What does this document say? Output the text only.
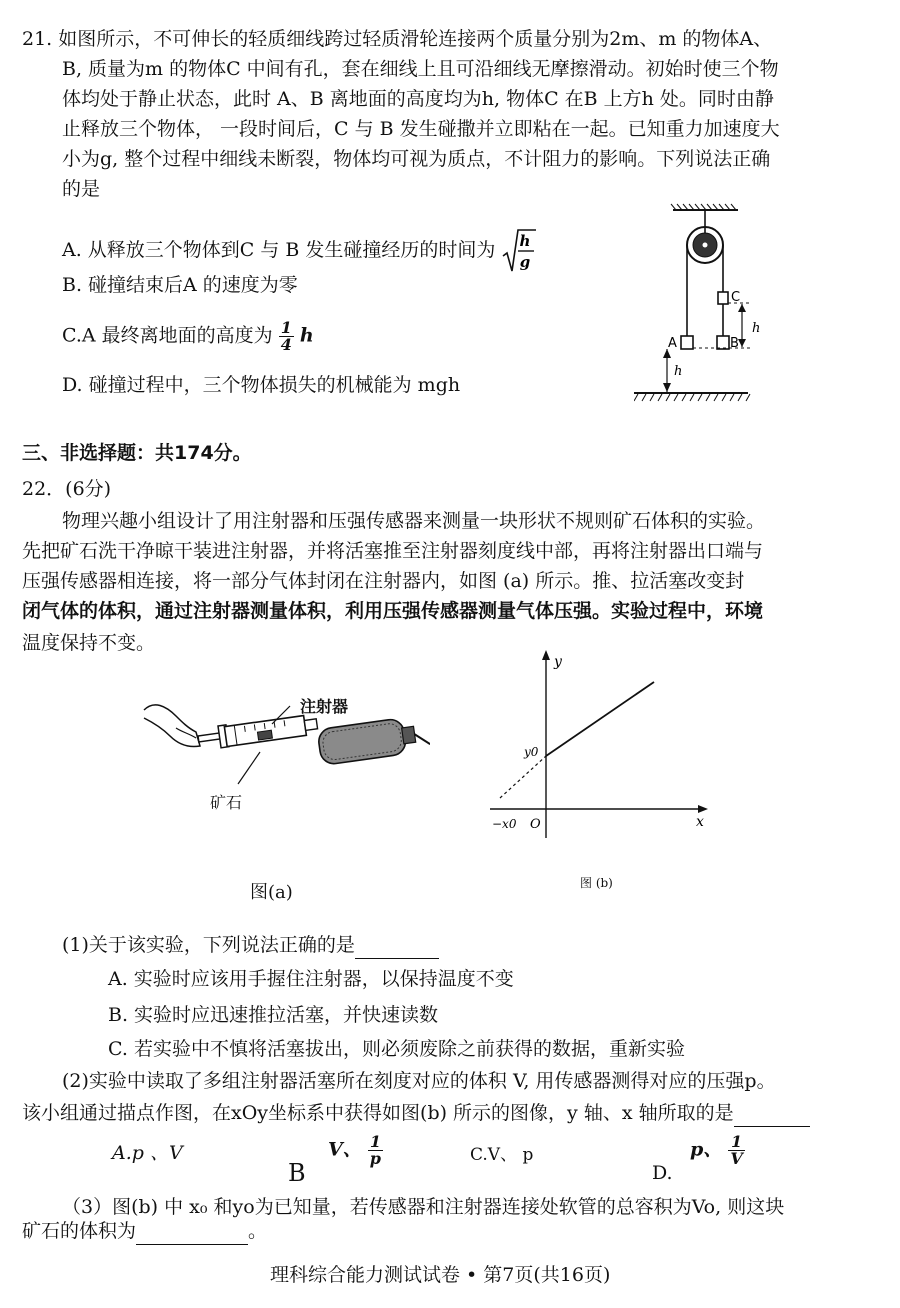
21. 如图所示，不可伸长的轻质细线跨过轻质滑轮连接两个质量分别为2m、m 的物体A、
B, 质量为m 的物体C 中间有孔，套在细线上且可沿细线无摩擦滑动。初始时使三个物
体均处于静止状态，此时 A、B 离地面的高度均为h, 物体C 在B 上方h 处。同时由静
止释放三个物体， 一段时间后，C 与 B 发生碰撒并立即粘在一起。已知重力加速度大
小为g, 整个过程中细线未断裂，物体均可视为质点，不计阻力的影响。下列说法正确
的是
A. 从释放三个物体到C 与 B 发生碰撞经历的时间为 h
g
B. 碰撞结束后A 的速度为零
C.A 最终离地面的高度为 $\frac{1}{4}$ h
D. 碰撞过程中，三个物体损失的机械能为 mgh
C
A	B
h
h
三、非选择题：共174分。
22．(6分)
物理兴趣小组设计了用注射器和压强传感器来测量一块形状不规则矿石体积的实验。
先把矿石洗干净晾干装进注射器，并将活塞推至注射器刻度线中部，再将注射器出口端与
压强传感器相连接，将一部分气体封闭在注射器内，如图 (a) 所示。推、拉活塞改变封
闭气体的体积，通过注射器测量体积，利用压强传感器测量气体压强。实验过程中，环境
温度保持不变。
注射器
矿石
图(a)
y
x
y0
−x0 O
图 (b)
(1)关于该实验，下列说法正确的是
A. 实验时应该用手握住注射器，以保持温度不变
B. 实验时应迅速推拉活塞，并快速读数
C. 若实验中不慎将活塞拔出，则必须废除之前获得的数据，重新实验
(2)实验中读取了多组注射器活塞所在刻度对应的体积 V, 用传感器测得对应的压强p。
该小组通过描点作图，在xOy坐标系中获得如图(b) 所示的图像，y 轴、x 轴所取的是
A.p 、V
B
V、 $\frac{1}{p}$	C.V、 p
D.
p、 $\frac{1}{V}$
（3）图(b) 中 x₀ 和yo为已知量，若传感器和注射器连接处软管的总容积为Vo, 则这块
矿石的体积为	。
理科综合能力测试试卷 • 第7页(共16页)
